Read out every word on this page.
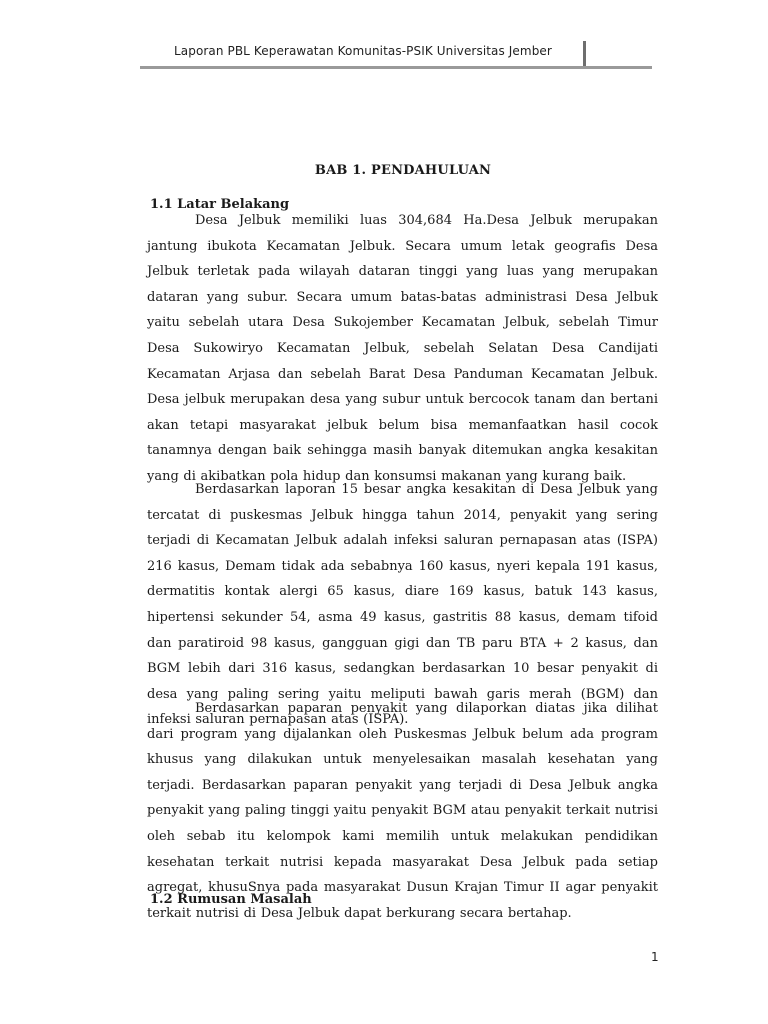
Laporan PBL Keperawatan Komunitas-PSIK Universitas Jember
BAB 1. PENDAHULUAN
1.1 Latar Belakang

Desa Jelbuk memiliki luas 304,684 Ha.Desa Jelbuk merupakan jantung ibukota Kecamatan Jelbuk. Secara umum letak geografis Desa Jelbuk terletak pada wilayah dataran tinggi yang luas yang merupakan dataran yang subur. Secara umum batas-batas administrasi Desa Jelbuk yaitu sebelah utara Desa Sukojember Kecamatan Jelbuk, sebelah Timur Desa Sukowiryo Kecamatan Jelbuk, sebelah Selatan Desa Candijati Kecamatan Arjasa dan sebelah Barat Desa Panduman Kecamatan Jelbuk. Desa jelbuk merupakan desa yang subur untuk bercocok tanam dan bertani akan tetapi masyarakat jelbuk belum bisa memanfaatkan hasil cocok tanamnya dengan baik sehingga masih banyak ditemukan angka kesakitan yang di akibatkan pola hidup dan konsumsi makanan yang kurang baik.

Berdasarkan laporan 15 besar angka kesakitan di Desa Jelbuk yang tercatat di puskesmas Jelbuk hingga tahun 2014, penyakit yang sering terjadi di Kecamatan Jelbuk adalah infeksi saluran pernapasan atas (ISPA) 216 kasus, Demam tidak ada sebabnya 160 kasus, nyeri kepala 191 kasus, dermatitis kontak alergi 65 kasus, diare 169 kasus, batuk 143 kasus, hipertensi sekunder 54, asma 49 kasus, gastritis 88 kasus, demam tifoid dan paratiroid 98 kasus, gangguan gigi dan TB paru BTA + 2 kasus, dan BGM lebih dari 316 kasus, sedangkan berdasarkan 10 besar penyakit di desa yang paling sering yaitu meliputi bawah garis merah (BGM) dan infeksi saluran pernapasan atas (ISPA).

Berdasarkan paparan penyakit yang dilaporkan diatas jika dilihat dari program yang dijalankan oleh Puskesmas Jelbuk belum ada program khusus yang dilakukan untuk menyelesaikan masalah kesehatan yang terjadi. Berdasarkan paparan penyakit yang terjadi di Desa Jelbuk angka penyakit yang paling tinggi yaitu penyakit BGM atau penyakit terkait nutrisi oleh sebab itu kelompok kami memilih untuk melakukan pendidikan kesehatan terkait nutrisi kepada masyarakat Desa Jelbuk pada setiap agregat, khusuSnya pada masyarakat Dusun Krajan Timur II agar penyakit terkait nutrisi di Desa Jelbuk dapat berkurang secara bertahap.

1.2 Rumusan Masalah
1
